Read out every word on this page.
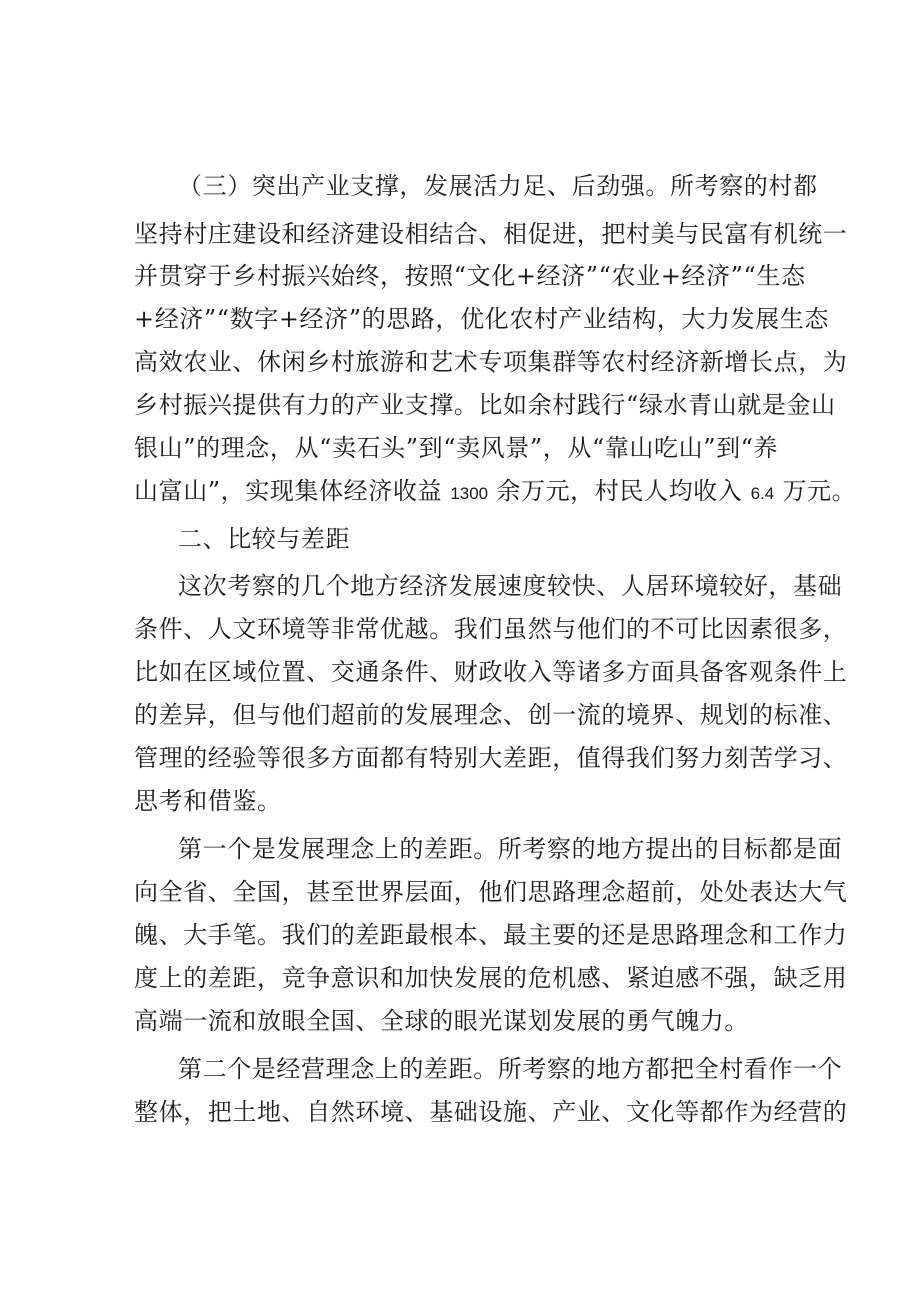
（三）突出产业支撑，发展活力足、后劲强。所考察的村都
坚持村庄建设和经济建设相结合、相促进，把村美与民富有机统一
并贯穿于乡村振兴始终，按照“文化+经济”“农业+经济”“生态
+经济”“数字+经济”的思路，优化农村产业结构，大力发展生态
高效农业、休闲乡村旅游和艺术专项集群等农村经济新增长点，为
乡村振兴提供有力的产业支撑。比如余村践行“绿水青山就是金山
银山”的理念，从“卖石头”到“卖风景”，从“靠山吃山”到“养
山富山”，实现集体经济收益 1300 余万元，村民人均收入 6.4 万元。
二、比较与差距
这次考察的几个地方经济发展速度较快、人居环境较好，基础
条件、人文环境等非常优越。我们虽然与他们的不可比因素很多，
比如在区域位置、交通条件、财政收入等诸多方面具备客观条件上
的差异，但与他们超前的发展理念、创一流的境界、规划的标准、
管理的经验等很多方面都有特别大差距，值得我们努力刻苦学习、
思考和借鉴。
第一个是发展理念上的差距。所考察的地方提出的目标都是面
向全省、全国，甚至世界层面，他们思路理念超前，处处表达大气
魄、大手笔。我们的差距最根本、最主要的还是思路理念和工作力
度上的差距，竞争意识和加快发展的危机感、紧迫感不强，缺乏用
高端一流和放眼全国、全球的眼光谋划发展的勇气魄力。
第二个是经营理念上的差距。所考察的地方都把全村看作一个
整体，把土地、自然环境、基础设施、产业、文化等都作为经营的
